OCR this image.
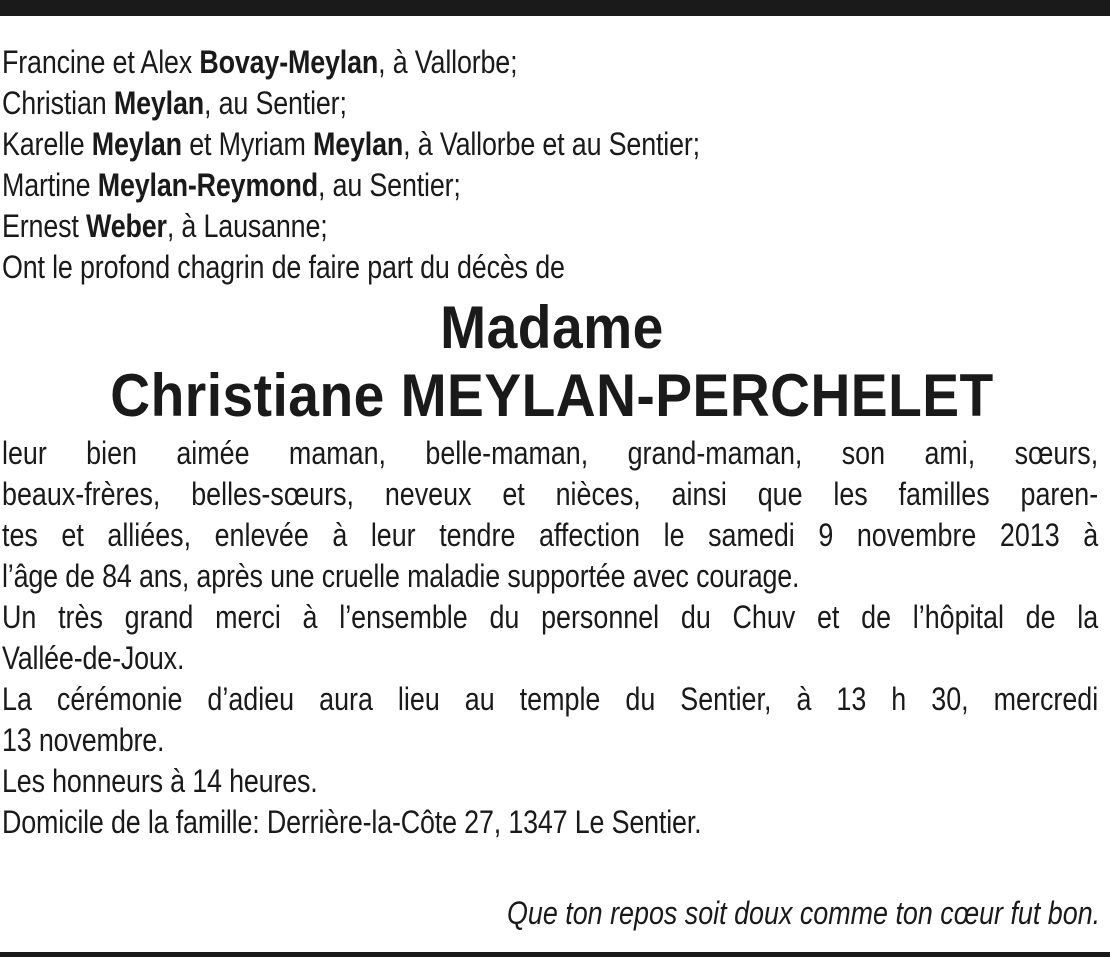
Francine et Alex Bovay-Meylan, à Vallorbe;
Christian Meylan, au Sentier;
Karelle Meylan et Myriam Meylan, à Vallorbe et au Sentier;
Martine Meylan-Reymond, au Sentier;
Ernest Weber, à Lausanne;
Ont le profond chagrin de faire part du décès de
Madame
Christiane MEYLAN-PERCHELET
leur bien aimée maman, belle-maman, grand-maman, son ami, sœurs,
beaux-frères, belles-sœurs, neveux et nièces, ainsi que les familles paren-
tes et alliées, enlevée à leur tendre affection le samedi 9 novembre 2013 à
l’âge de 84 ans, après une cruelle maladie supportée avec courage.
Un très grand merci à l’ensemble du personnel du Chuv et de l’hôpital de la
Vallée-de-Joux.
La cérémonie d’adieu aura lieu au temple du Sentier, à 13 h 30, mercredi
13 novembre.
Les honneurs à 14 heures.
Domicile de la famille: Derrière-la-Côte 27, 1347 Le Sentier.
Que ton repos soit doux comme ton cœur fut bon.
